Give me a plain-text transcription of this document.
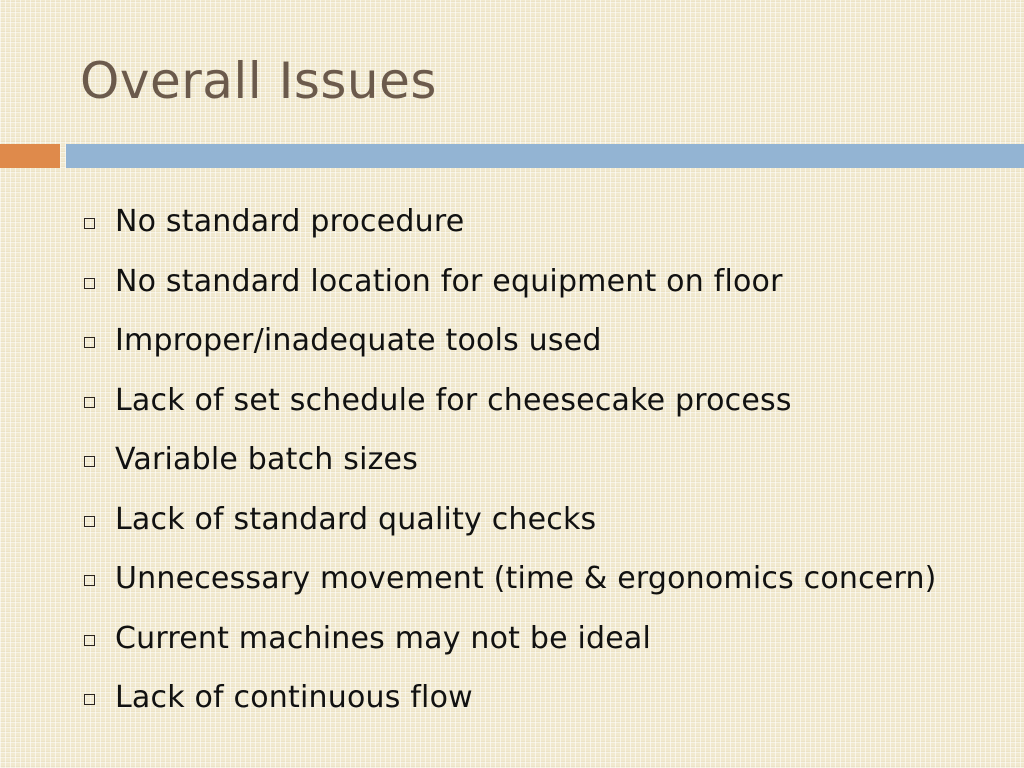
Overall Issues
No standard procedure
No standard location for equipment on floor
Improper/inadequate tools used
Lack of set schedule for cheesecake process
Variable batch sizes
Lack of standard quality checks
Unnecessary movement (time & ergonomics concern)
Current machines may not be ideal
Lack of continuous flow
